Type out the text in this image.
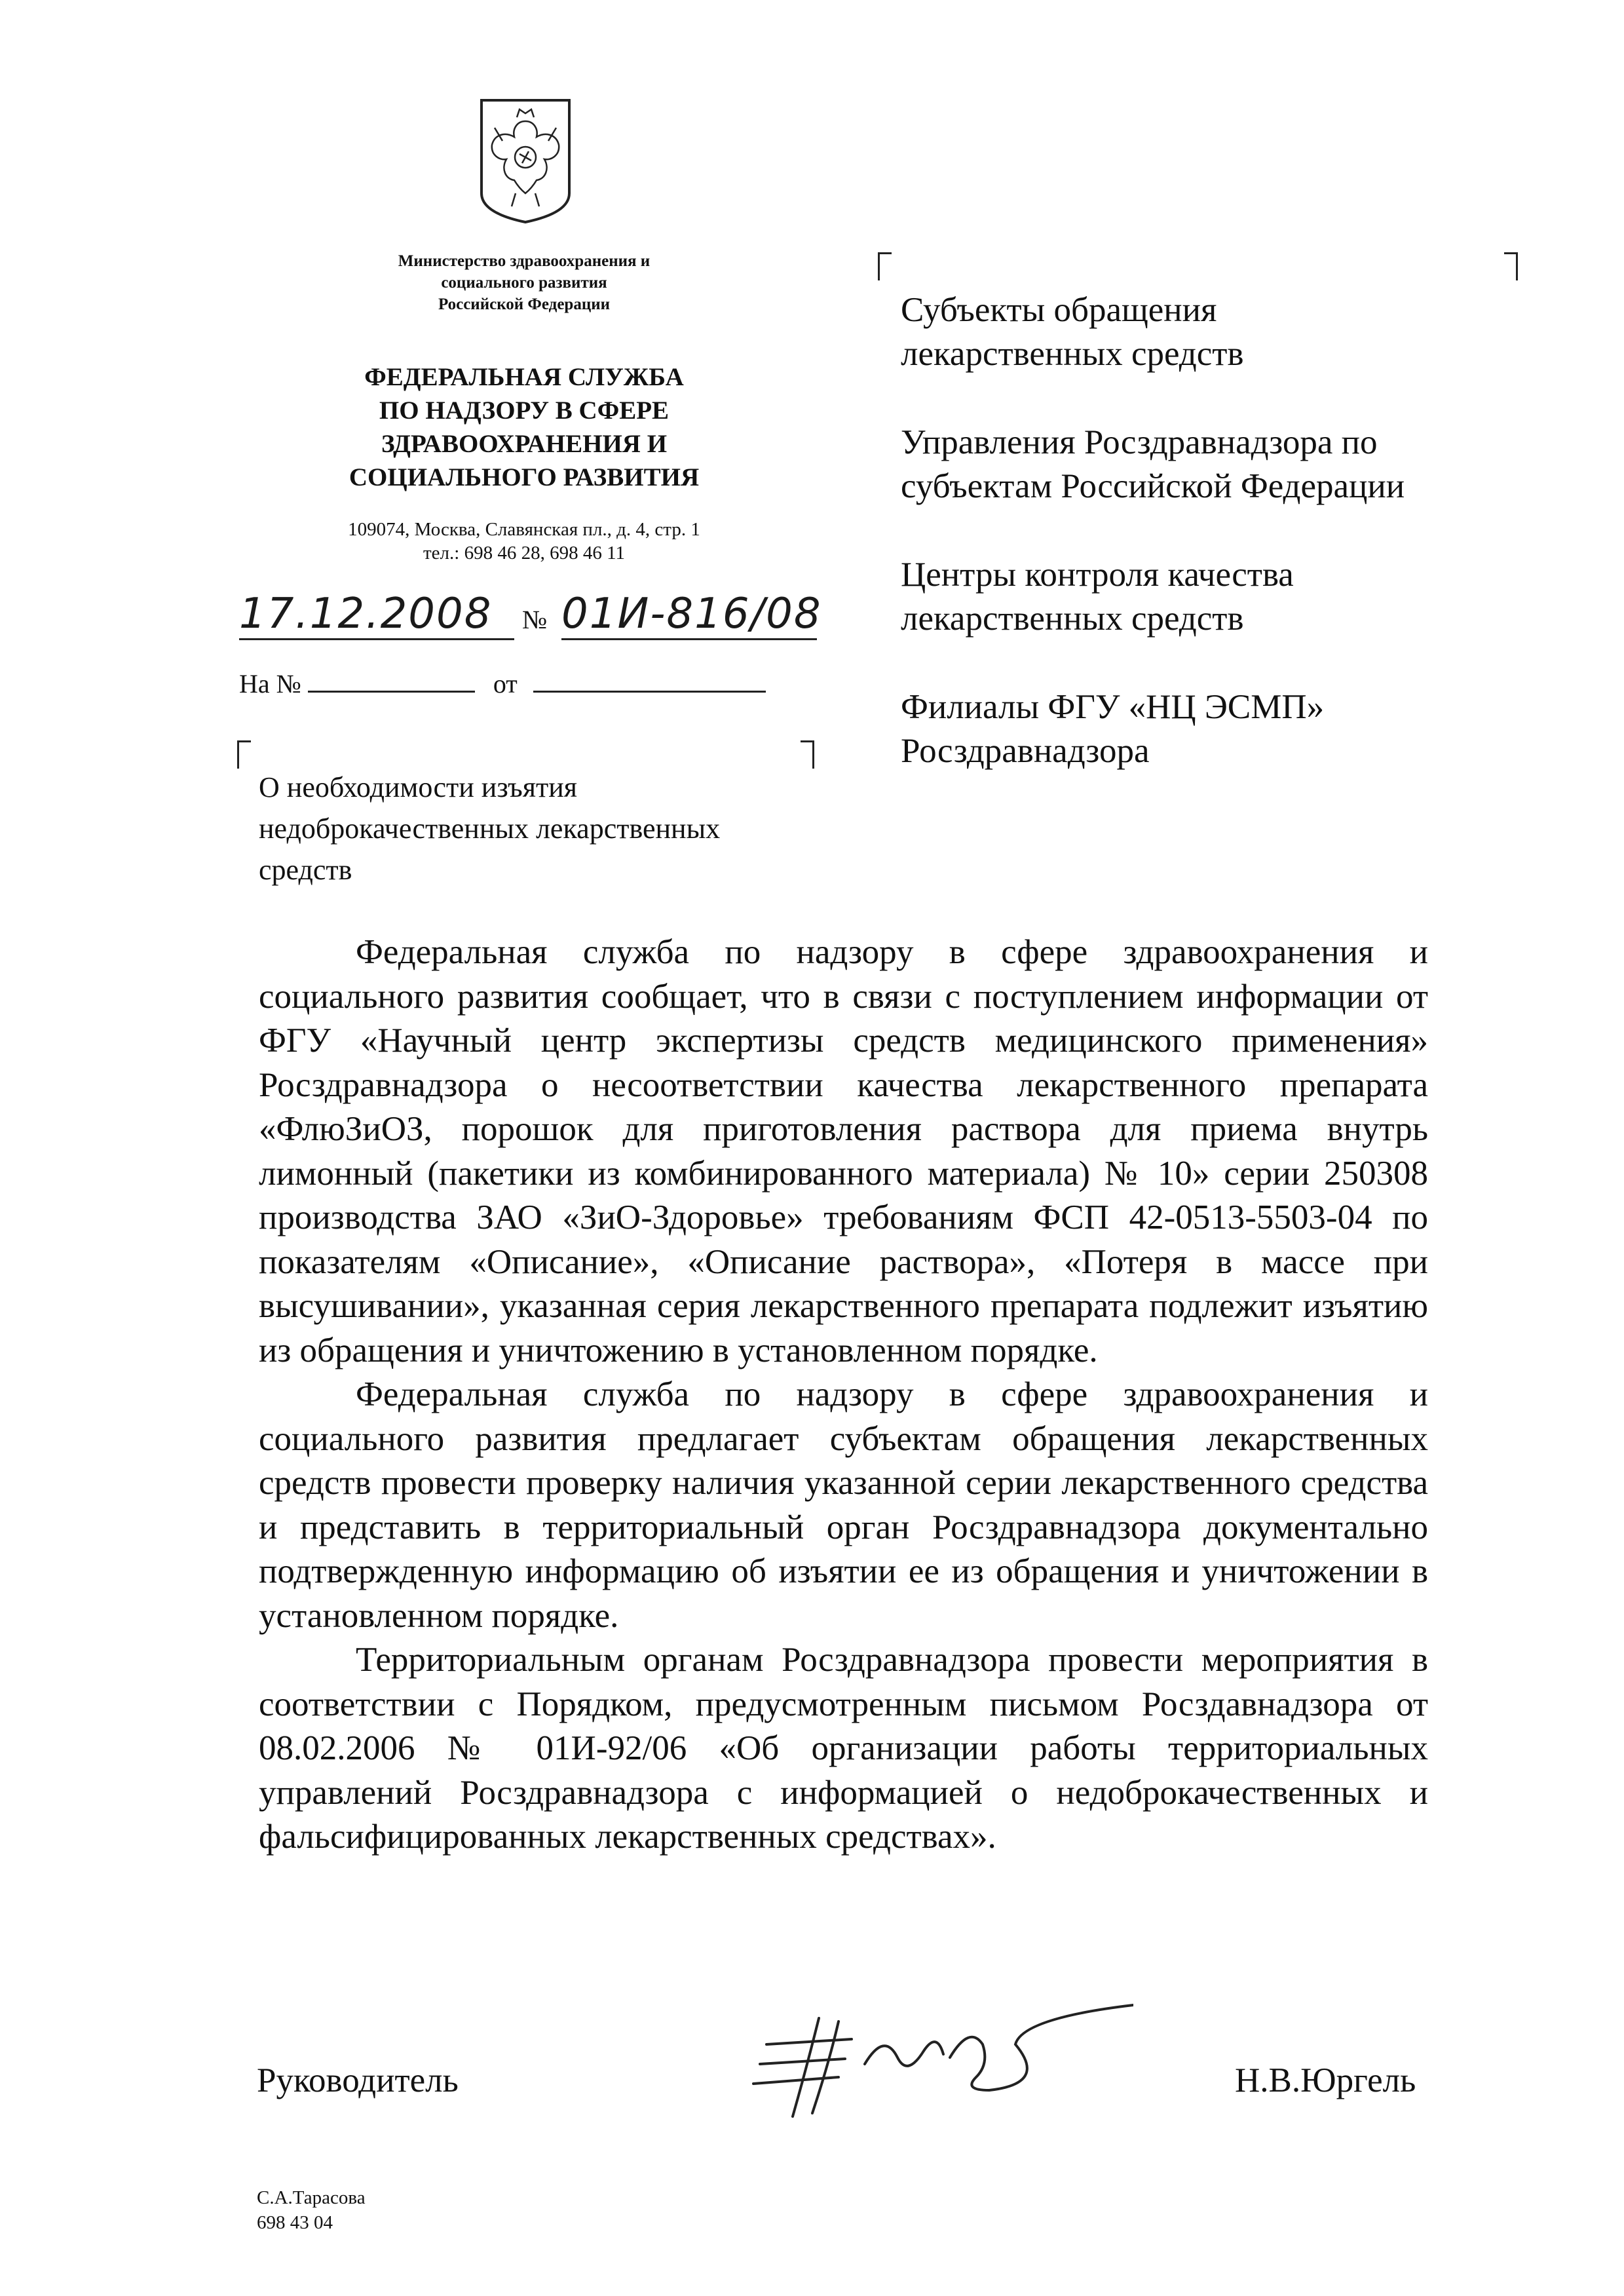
Министерство здравоохранения и
социального развития
Российской Федерации
ФЕДЕРАЛЬНАЯ СЛУЖБА
ПО НАДЗОРУ В СФЕРЕ
ЗДРАВООХРАНЕНИЯ И
СОЦИАЛЬНОГО РАЗВИТИЯ
109074, Москва, Славянская пл., д. 4, стр. 1
тел.: 698 46 28, 698 46 11
17.12.2008	№ 01И-816/08
На №	от
О необходимости изъятия
недоброкачественных лекарственных
средств
Субъекты обращения
лекарственных средств
Управления Росздравнадзора по
субъектам Российской Федерации
Центры контроля качества
лекарственных средств
Филиалы ФГУ «НЦ ЭСМП»
Росздравнадзора

Федеральная служба по надзору в сфере здравоохранения и социального развития сообщает, что в связи с поступлением информации от ФГУ «Научный центр экспертизы средств медицинского применения» Росздравнадзора о несоответствии качества лекарственного препарата «ФлюЗиОЗ, порошок для приготовления раствора для приема внутрь лимонный (пакетики из комбинированного материала) № 10» серии 250308 производства ЗАО «ЗиО-Здоровье» требованиям ФСП 42-0513-5503-04 по показателям «Описание», «Описание раствора», «Потеря в массе при высушивании», указанная серия лекарственного препарата подлежит изъятию из обращения и уничтожению в установленном порядке.

Федеральная служба по надзору в сфере здравоохранения и социального развития предлагает субъектам обращения лекарственных средств провести проверку наличия указанной серии лекарственного средства и представить в территориальный орган Росздравнадзора документально подтвержденную информацию об изъятии ее из обращения и уничтожении в установленном порядке.

Территориальным органам Росздравнадзора провести мероприятия в соответствии с Порядком, предусмотренным письмом Росздавнадзора от 08.02.2006 № 01И-92/06 «Об организации работы территориальных управлений Росздравнадзора с информацией о недоброкачественных и фальсифицированных лекарственных средствах».

Руководитель	Н.В.Юргель
С.А.Тарасова
698 43 04
